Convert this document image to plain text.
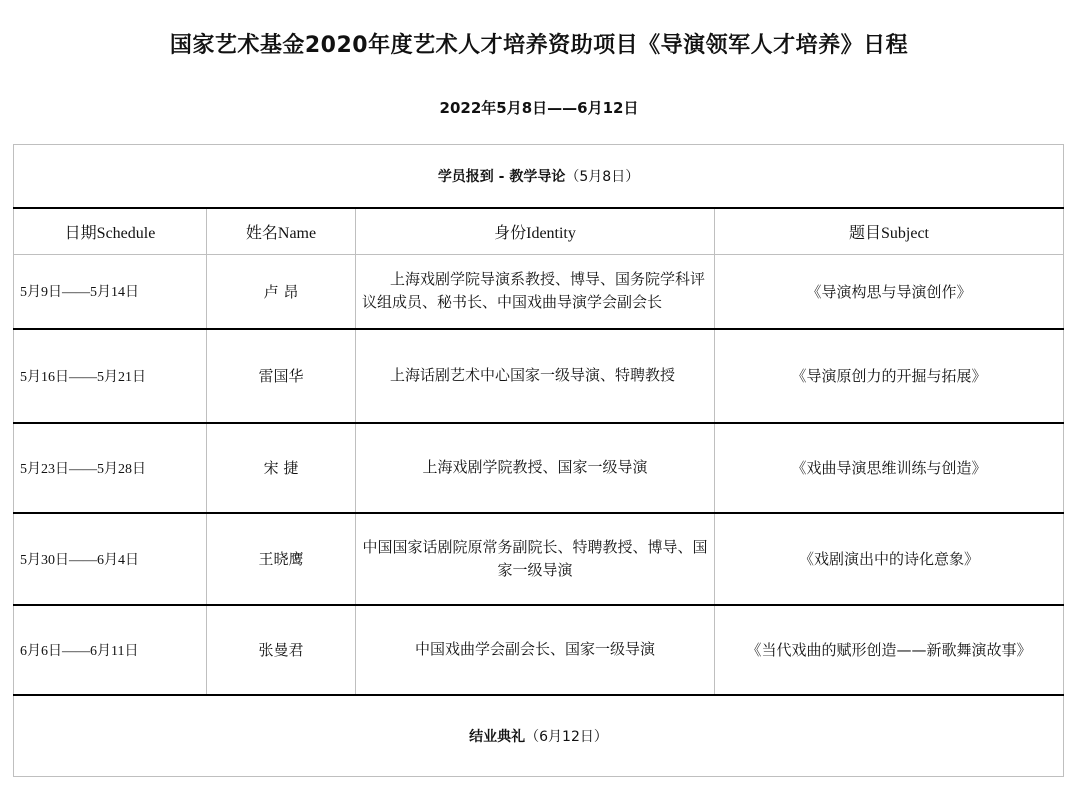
国家艺术基金2020年度艺术人才培养资助项目《导演领军人才培养》日程
2022年5月8日——6月12日
学员报到 - 教学导论（5月8日）			
日期Schedule	姓名Name	身份Identity	题目Subject
5月9日——5月14日	卢 昂	上海戏剧学院导演系教授、博导、国务院学科评议组成员、秘书长、中国戏曲导演学会副会长	《导演构思与导演创作》
5月16日——5月21日	雷国华	上海话剧艺术中心国家一级导演、特聘教授	《导演原创力的开掘与拓展》
5月23日——5月28日	宋 捷	上海戏剧学院教授、国家一级导演	《戏曲导演思维训练与创造》
5月30日——6月4日	王晓鹰	中国国家话剧院原常务副院长、特聘教授、博导、国家一级导演	《戏剧演出中的诗化意象》
6月6日——6月11日	张曼君	中国戏曲学会副会长、国家一级导演	《当代戏曲的赋形创造——新歌舞演故事》
结业典礼（6月12日）			
